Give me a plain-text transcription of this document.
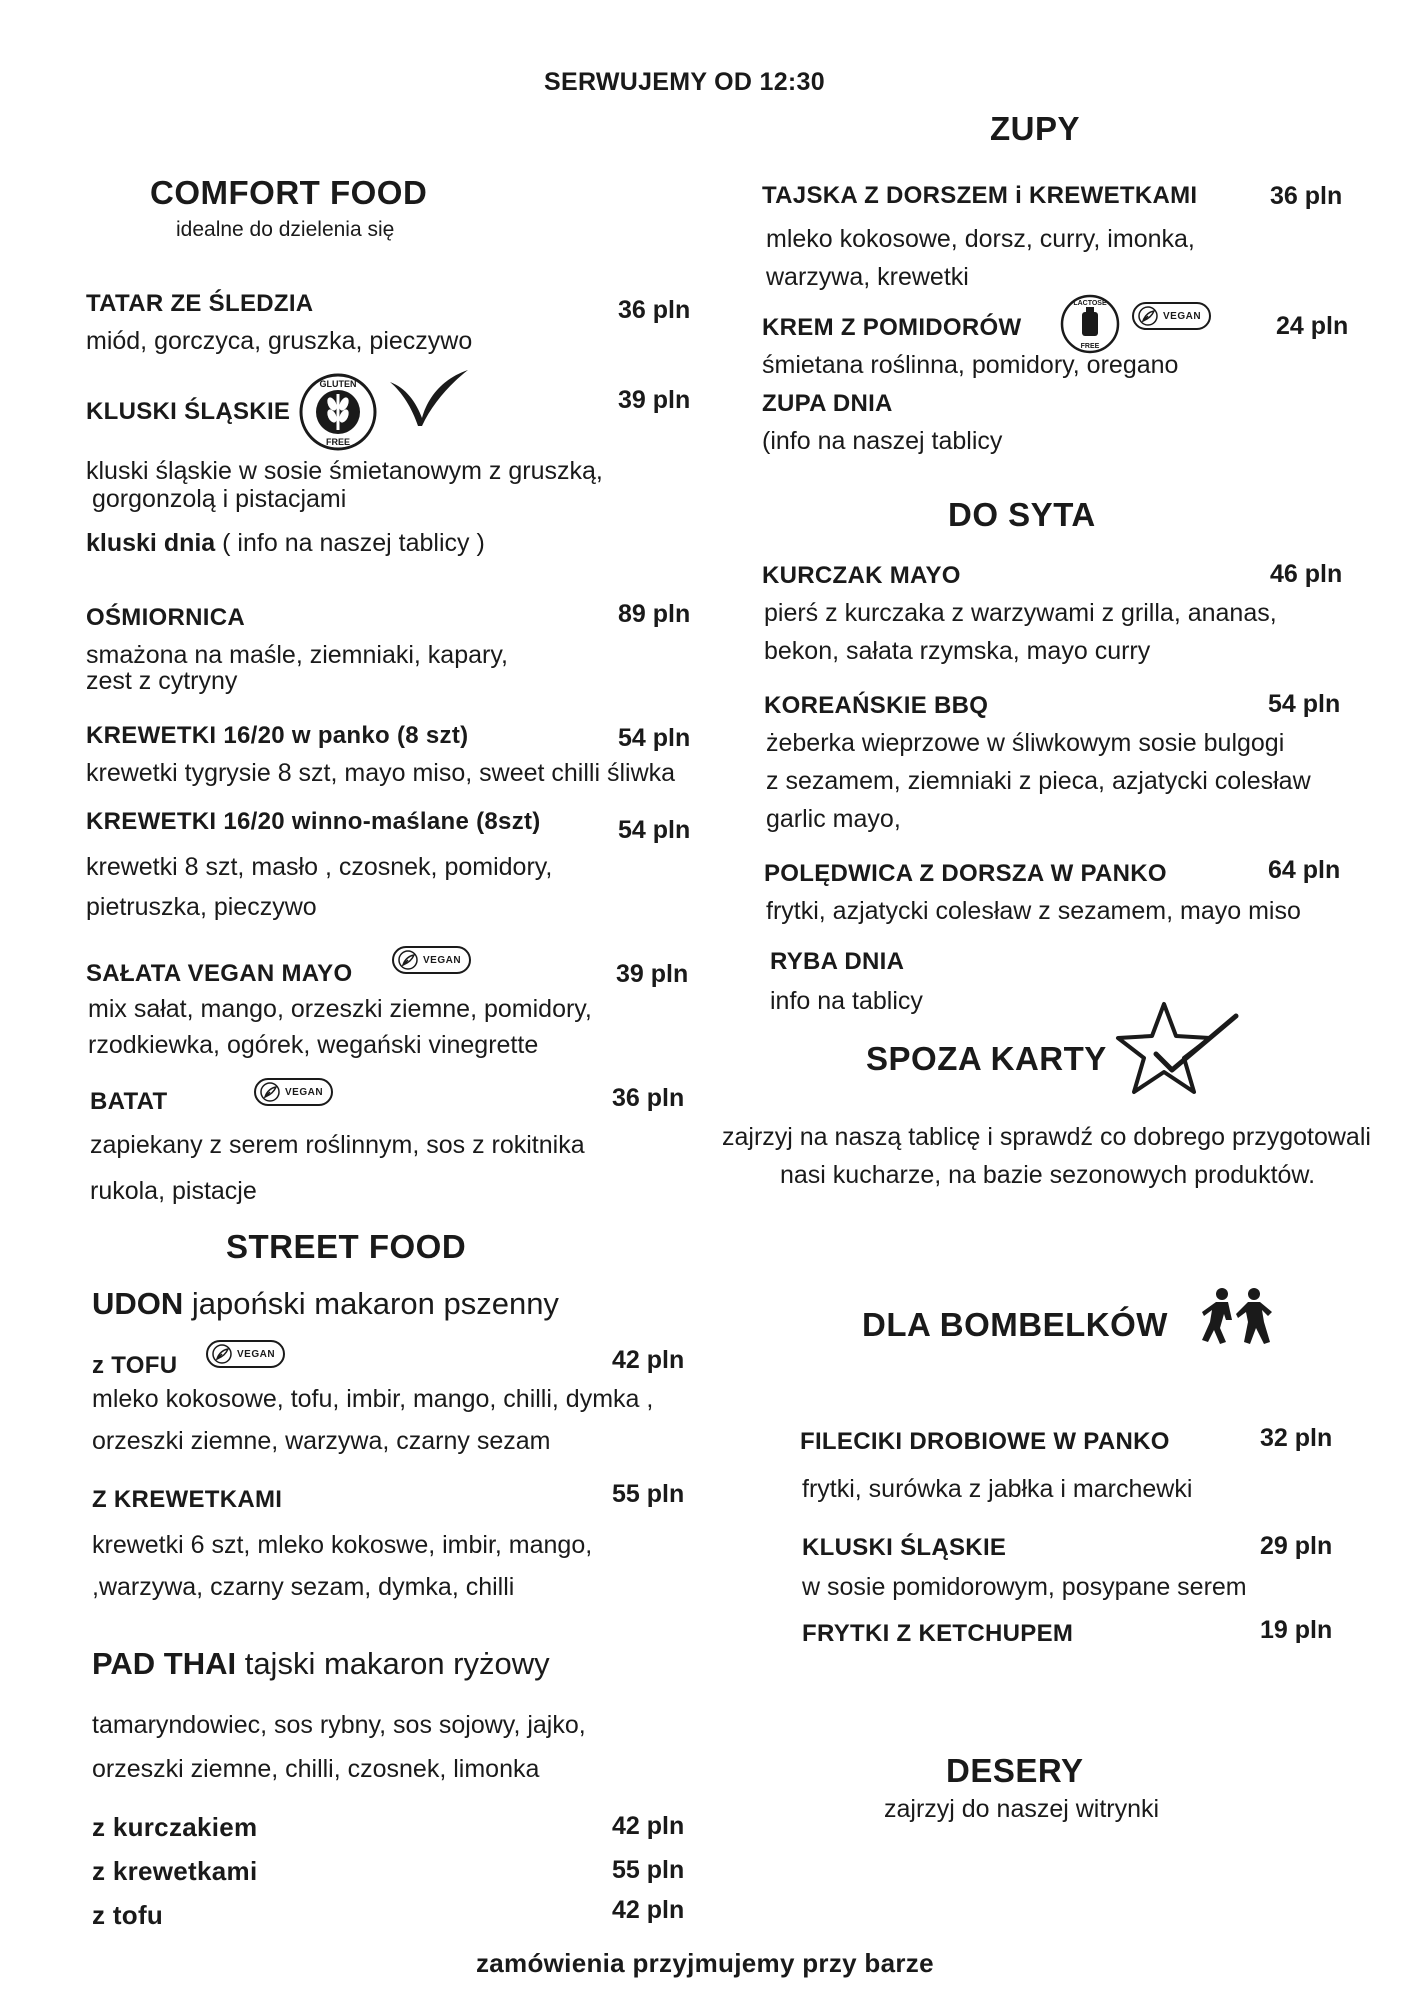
SERWUJEMY OD 12:30
COMFORT FOOD
idealne do dzielenia się
TATAR ZE ŚLEDZIA	36 pln
miód, gorczyca, gruszka, pieczywo
KLUSKI ŚLĄSKIE
GLUTEN
FREE
39 pln
kluski śląskie w sosie śmietanowym z gruszką,
gorgonzolą i pistacjami
kluski dnia ( info na naszej tablicy )
OŚMIORNICA	89 pln
smażona na maśle, ziemniaki, kapary,
zest z cytryny
KREWETKI 16/20 w panko (8 szt)	54 pln
krewetki tygrysie 8 szt, mayo miso, sweet chilli śliwka
KREWETKI 16/20 winno-maślane (8szt)	54 pln
krewetki 8 szt, masło , czosnek, pomidory,
pietruszka, pieczywo
SAŁATA VEGAN MAYO	VEGAN	39 pln
mix sałat, mango, orzeszki ziemne, pomidory,
rzodkiewka, ogórek, wegański vinegrette
BATAT	VEGAN	36 pln
zapiekany z serem roślinnym, sos z rokitnika
rukola, pistacje
STREET FOOD
UDON japoński makaron pszenny
z TOFU	VEGAN	42 pln
mleko kokosowe, tofu, imbir, mango, chilli, dymka ,
orzeszki ziemne, warzywa, czarny sezam
Z KREWETKAMI	55 pln
krewetki 6 szt, mleko kokoswe, imbir, mango,
,warzywa, czarny sezam, dymka, chilli
PAD THAI tajski makaron ryżowy
tamaryndowiec, sos rybny, sos sojowy, jajko,
orzeszki ziemne, chilli, czosnek, limonka
z kurczakiem	42 pln
z krewetkami	55 pln
z tofu	42 pln
ZUPY
TAJSKA Z DORSZEM i KREWETKAMI	36 pln
mleko kokosowe, dorsz, curry, imonka,
warzywa, krewetki
KREM Z POMIDORÓW
LACTOSE
FREE
VEGAN	24 pln
śmietana roślinna, pomidory, oregano
ZUPA DNIA
(info na naszej tablicy
DO SYTA
KURCZAK MAYO	46 pln
pierś z kurczaka z warzywami z grilla, ananas,
bekon, sałata rzymska, mayo curry
KOREAŃSKIE BBQ	54 pln
żeberka wieprzowe w śliwkowym sosie bulgogi
z sezamem, ziemniaki z pieca, azjatycki colesław
garlic mayo,
POLĘDWICA Z DORSZA W PANKO	64 pln
frytki, azjatycki colesław z sezamem, mayo miso
RYBA DNIA
info na tablicy
SPOZA KARTY
zajrzyj na naszą tablicę i sprawdź co dobrego przygotowali
nasi kucharze, na bazie sezonowych produktów.
DLA BOMBELKÓW
FILECIKI DROBIOWE W PANKO	32 pln
frytki, surówka z jabłka i marchewki
KLUSKI ŚLĄSKIE	29 pln
w sosie pomidorowym, posypane serem
FRYTKI Z KETCHUPEM	19 pln
DESERY
zajrzyj do naszej witrynki
zamówienia przyjmujemy przy barze
